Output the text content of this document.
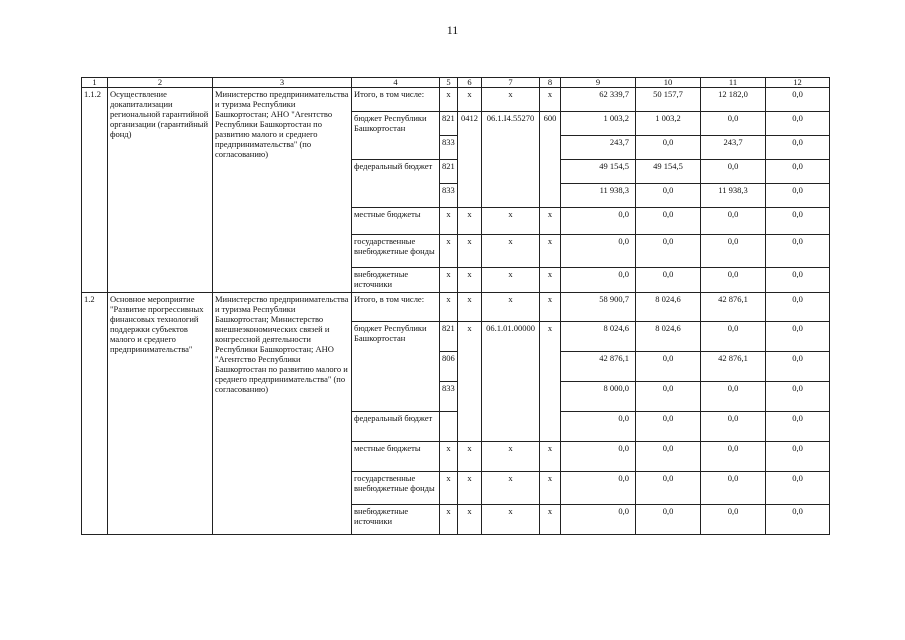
11
1	2	3	4	5	6	7	8	9	10	11	12
1.1.2	Осуществление докапитализации региональной гарантийной организации (гарантийный фонд)	Министерство предпринимательства и туризма Республики Башкортостан; АНО "Агентство Республики Башкортостан по развитию малого и среднего предпринимательства" (по согласованию)	Итого, в том числе:	х	х	х	х	62 339,7	50 157,7	12 182,0	0,0
			бюджет Республики Башкортостан	821	0412	06.1.І4.55270	600	1 003,2	1 003,2	0,0	0,0
				833				243,7	0,0	243,7	0,0
			федеральный бюджет	821				49 154,5	49 154,5	0,0	0,0
				833				11 938,3	0,0	11 938,3	0,0
			местные бюджеты	х	х	х	х	0,0	0,0	0,0	0,0
			государственные внебюджетные фонды	х	х	х	х	0,0	0,0	0,0	0,0
			внебюджетные источники	х	х	х	х	0,0	0,0	0,0	0,0
1.2	Основное мероприятие "Развитие прогрессивных финансовых технологий поддержки субъектов малого и среднего предпринимательства"	Министерство предпринимательства и туризма Республики Башкортостан; Министерство внешнеэкономических связей и конгрессной деятельности Республики Башкортостан; АНО "Агентство Республики Башкортостан по развитию малого и среднего предпринимательства" (по согласованию)	Итого, в том числе:	х	х	х	х	58 900,7	8 024,6	42 876,1	0,0
			бюджет Республики Башкортостан	821	х	06.1.01.00000	х	8 024,6	8 024,6	0,0	0,0
				806				42 876,1	0,0	42 876,1	0,0
				833				8 000,0	0,0	0,0	0,0
			федеральный бюджет					0,0	0,0	0,0	0,0
			местные бюджеты	х	х	х	х	0,0	0,0	0,0	0,0
			государственные внебюджетные фонды	х	х	х	х	0,0	0,0	0,0	0,0
			внебюджетные источники	х	х	х	х	0,0	0,0	0,0	0,0
